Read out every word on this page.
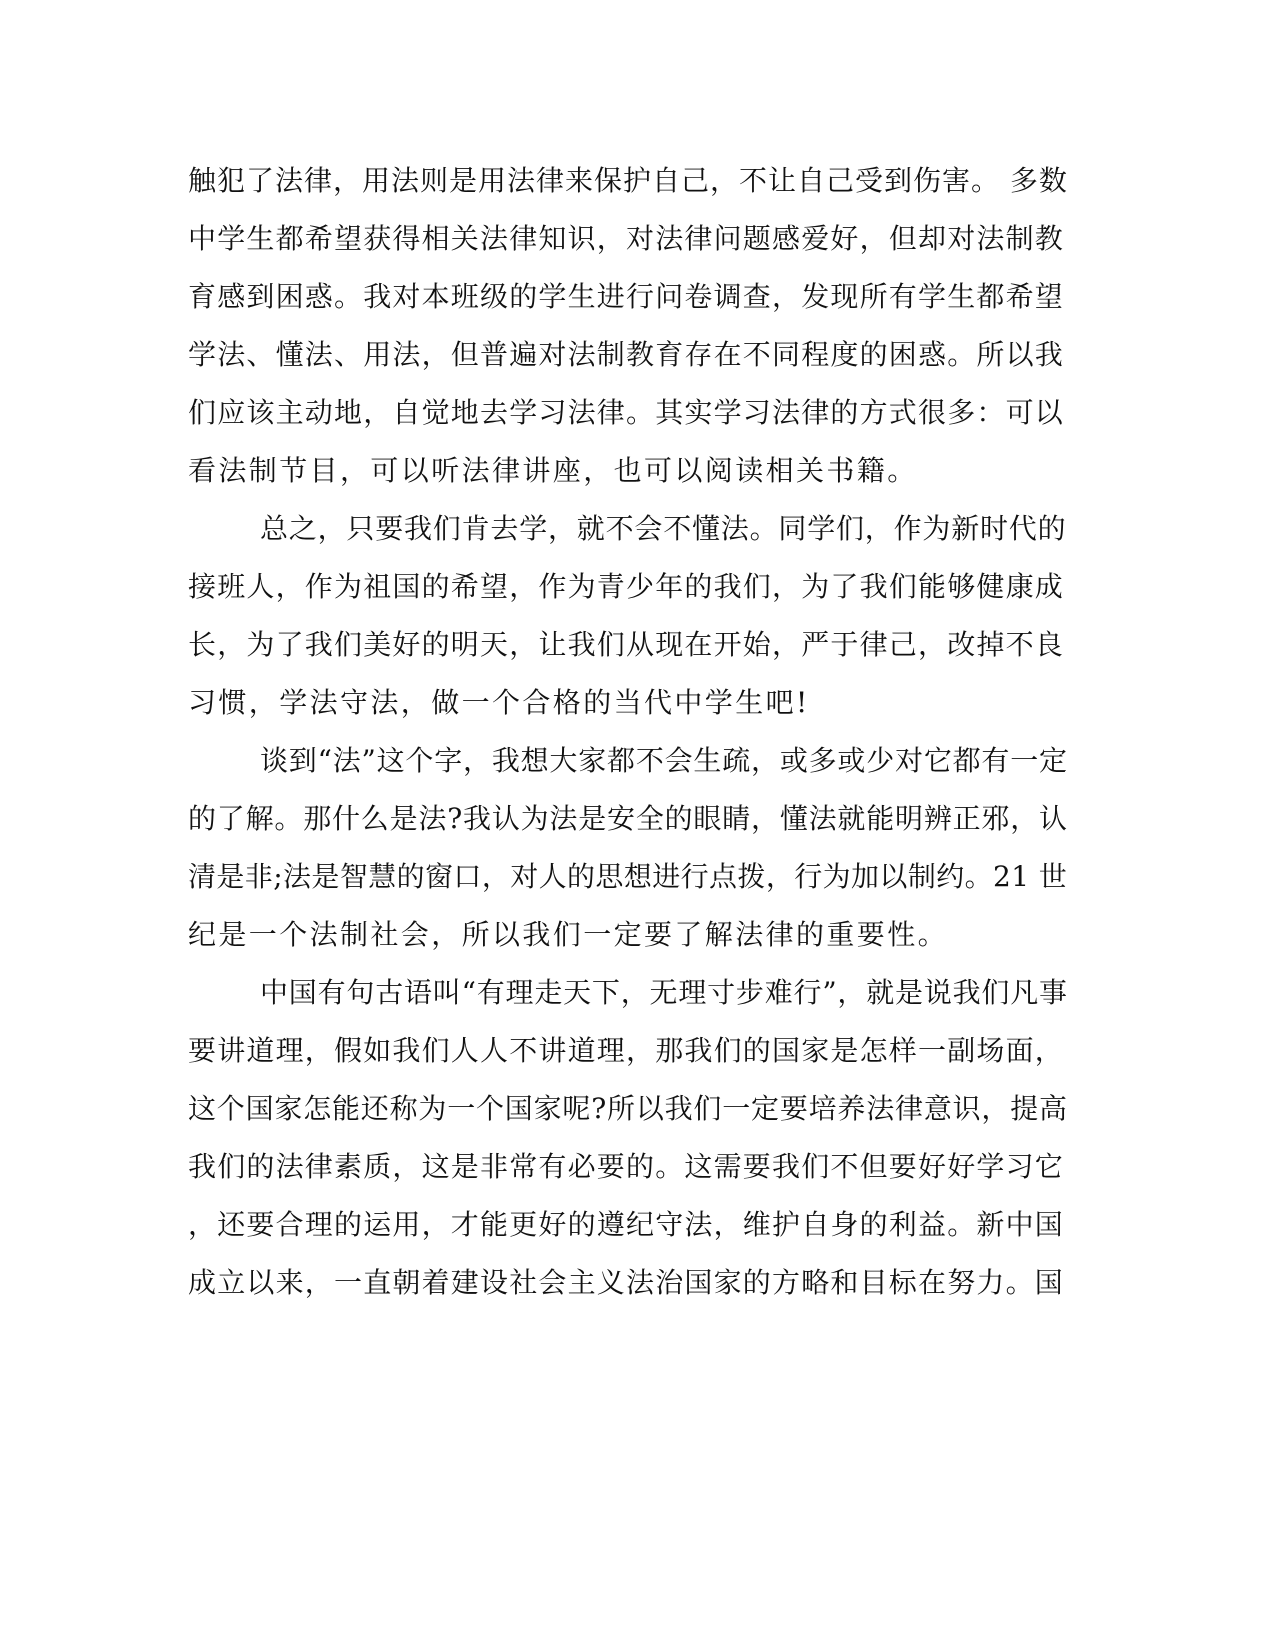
触犯了法律，用法则是用法律来保护自己，不让自己受到伤害。 多数
中学生都希望获得相关法律知识，对法律问题感爱好，但却对法制教
育感到困惑。我对本班级的学生进行问卷调查，发现所有学生都希望
学法、懂法、用法，但普遍对法制教育存在不同程度的困惑。所以我
们应该主动地，自觉地去学习法律。其实学习法律的方式很多：可以
看法制节目，可以听法律讲座，也可以阅读相关书籍。
总之，只要我们肯去学，就不会不懂法。同学们，作为新时代的
接班人，作为祖国的希望，作为青少年的我们，为了我们能够健康成
长，为了我们美好的明天，让我们从现在开始，严于律己，改掉不良
习惯，学法守法，做一个合格的当代中学生吧!
谈到“法”这个字，我想大家都不会生疏，或多或少对它都有一定
的了解。那什么是法?我认为法是安全的眼睛，懂法就能明辨正邪，认
清是非;法是智慧的窗口，对人的思想进行点拨，行为加以制约。21 世
纪是一个法制社会，所以我们一定要了解法律的重要性。
中国有句古语叫“有理走天下，无理寸步难行”，就是说我们凡事
要讲道理，假如我们人人不讲道理，那我们的国家是怎样一副场面，
这个国家怎能还称为一个国家呢?所以我们一定要培养法律意识，提高
我们的法律素质，这是非常有必要的。这需要我们不但要好好学习它
，还要合理的运用，才能更好的遵纪守法，维护自身的利益。新中国
成立以来，一直朝着建设社会主义法治国家的方略和目标在努力。国
